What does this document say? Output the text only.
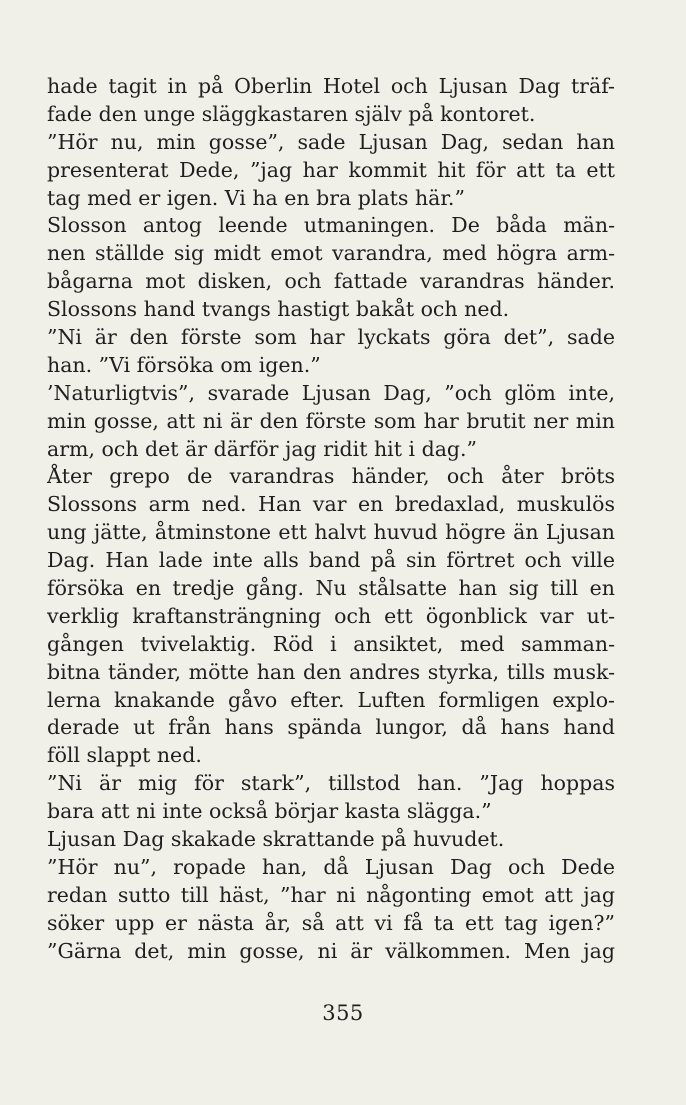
hade tagit in på Oberlin Hotel och Ljusan Dag träf-
fade den unge släggkastaren själv på kontoret.
”Hör nu, min gosse”, sade Ljusan Dag, sedan han
presenterat Dede, ”jag har kommit hit för att ta ett
tag med er igen. Vi ha en bra plats här.”
Slosson antog leende utmaningen. De båda män-
nen ställde sig midt emot varandra, med högra arm-
bågarna mot disken, och fattade varandras händer.
Slossons hand tvangs hastigt bakåt och ned.
”Ni är den förste som har lyckats göra det”, sade
han. ”Vi försöka om igen.”
’Naturligtvis”, svarade Ljusan Dag, ”och glöm inte,
min gosse, att ni är den förste som har brutit ner min
arm, och det är därför jag ridit hit i dag.”
Åter grepo de varandras händer, och åter bröts
Slossons arm ned. Han var en bredaxlad, muskulös
ung jätte, åtminstone ett halvt huvud högre än Ljusan
Dag. Han lade inte alls band på sin förtret och ville
försöka en tredje gång. Nu stålsatte han sig till en
verklig kraftansträngning och ett ögonblick var ut-
gången tvivelaktig. Röd i ansiktet, med samman-
bitna tänder, mötte han den andres styrka, tills musk-
lerna knakande gåvo efter. Luften formligen explo-
derade ut från hans spända lungor, då hans hand
föll slappt ned.
”Ni är mig för stark”, tillstod han. ”Jag hoppas
bara att ni inte också börjar kasta slägga.”
Ljusan Dag skakade skrattande på huvudet.
”Hör nu”, ropade han, då Ljusan Dag och Dede
redan sutto till häst, ”har ni någonting emot att jag
söker upp er nästa år, så att vi få ta ett tag igen?”
”Gärna det, min gosse, ni är välkommen. Men jag
355
